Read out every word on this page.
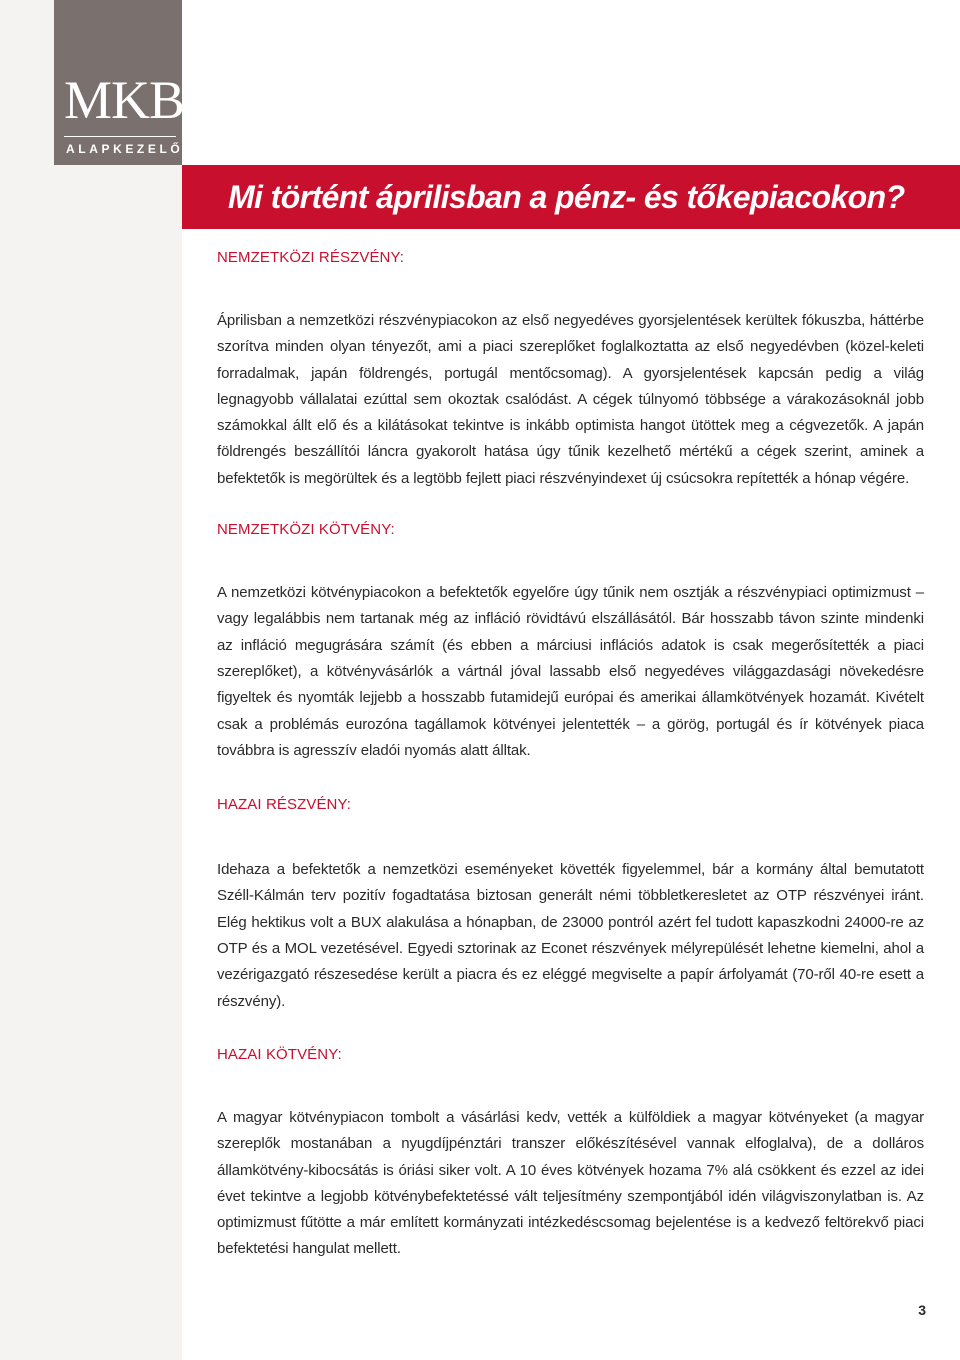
MKB
ALAPKEZELŐ
Mi történt áprilisban a pénz- és tőkepiacokon?
NEMZETKÖZI RÉSZVÉNY:

Áprilisban a nemzetközi részvénypiacokon az első negyedéves gyorsjelentések kerültek fókuszba, háttérbe szorítva minden olyan tényezőt, ami a piaci szereplőket foglalkoztatta az első negyedévben (közel-keleti forradalmak, japán földrengés, portugál mentőcsomag). A gyorsjelentések kapcsán pedig a világ legnagyobb vállalatai ezúttal sem okoztak csalódást. A cégek túlnyomó többsége a várakozásoknál jobb számokkal állt elő és a kilátásokat tekintve is inkább optimista hangot ütöttek meg a cégvezetők. A japán földrengés beszállítói láncra gyakorolt hatása úgy tűnik kezelhető mértékű a cégek szerint, aminek a befektetők is megörültek és a legtöbb fejlett piaci részvényindexet új csúcsokra repítették a hónap végére.

NEMZETKÖZI KÖTVÉNY:

A nemzetközi kötvénypiacokon a befektetők egyelőre úgy tűnik nem osztják a részvénypiaci optimizmust – vagy legalábbis nem tartanak még az infláció rövidtávú elszállásától. Bár hosszabb távon szinte mindenki az infláció megugrására számít (és ebben a márciusi inflációs adatok is csak megerősítették a piaci szereplőket), a kötvényvásárlók a vártnál jóval lassabb első negyedéves világgazdasági növekedésre figyeltek és nyomták lejjebb a hosszabb futamidejű európai és amerikai államkötvények hozamát. Kivételt csak a problémás eurozóna tagállamok kötvényei jelentették – a görög, portugál és ír kötvények piaca továbbra is agresszív eladói nyomás alatt álltak.

HAZAI RÉSZVÉNY:

Idehaza a befektetők a nemzetközi eseményeket követték figyelemmel, bár a kormány által bemutatott Széll-Kálmán terv pozitív fogadtatása biztosan generált némi többletkeresletet az OTP részvényei iránt. Elég hektikus volt a BUX alakulása a hónapban, de 23000 pontról azért fel tudott kapaszkodni 24000-re az OTP és a MOL vezetésével. Egyedi sztorinak az Econet részvények mélyrepülését lehetne kiemelni, ahol a vezérigazgató részesedése került a piacra és ez eléggé megviselte a papír árfolyamát (70-ről 40-re esett a részvény).

HAZAI KÖTVÉNY:

A magyar kötvénypiacon tombolt a vásárlási kedv, vették a külföldiek a magyar kötvényeket (a magyar szereplők mostanában a nyugdíjpénztári transzer előkészítésével vannak elfoglalva), de a dolláros államkötvény-kibocsátás is óriási siker volt. A 10 éves kötvények hozama 7% alá csökkent és ezzel az idei évet tekintve a legjobb kötvénybefektetéssé vált teljesítmény szempontjából idén világviszonylatban is. Az optimizmust fűtötte a már említett kormányzati intézkedéscsomag bejelentése is a kedvező feltörekvő piaci befektetési hangulat mellett.

3
